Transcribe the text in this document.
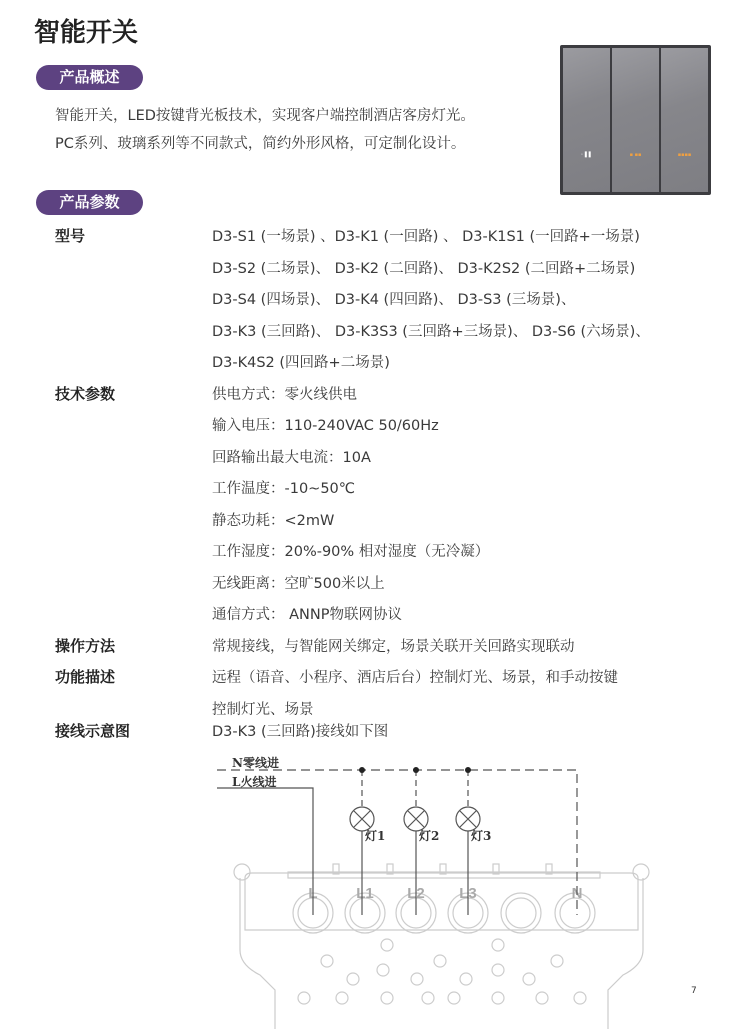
智能开关
产品概述
智能开关，LED按键背光板技术，实现客户端控制酒店客房灯光。
PC系列、玻璃系列等不同款式，简约外形风格，可定制化设计。
◦ ▌▌	▪ ▪▪	▪▪▪▪
产品参数
型号	D3-S1 (一场景) 、D3-K1 (一回路) 、 D3-K1S1 (一回路+一场景)
D3-S2 (二场景)、 D3-K2 (二回路)、 D3-K2S2 (二回路+二场景)
D3-S4 (四场景)、 D3-K4 (四回路)、 D3-S3 (三场景)、
D3-K3 (三回路)、 D3-K3S3 (三回路+三场景)、 D3-S6 (六场景)、
D3-K4S2 (四回路+二场景)
技术参数	供电方式：零火线供电
输入电压：110-240VAC 50/60Hz
回路输出最大电流：10A
工作温度：-10~50℃
静态功耗：<2mW
工作湿度：20%-90% 相对湿度（无冷凝）
无线距离：空旷500米以上
通信方式： ANNP物联网协议
操作方法	常规接线，与智能网关绑定，场景关联开关回路实现联动
功能描述	远程（语音、小程序、酒店后台）控制灯光、场景，和手动按键
控制灯光、场景
接线示意图	D3-K3 (三回路)接线如下图
L	L1 L2 L3	N
N零线进
L火线进
灯1	灯2	灯3
7
